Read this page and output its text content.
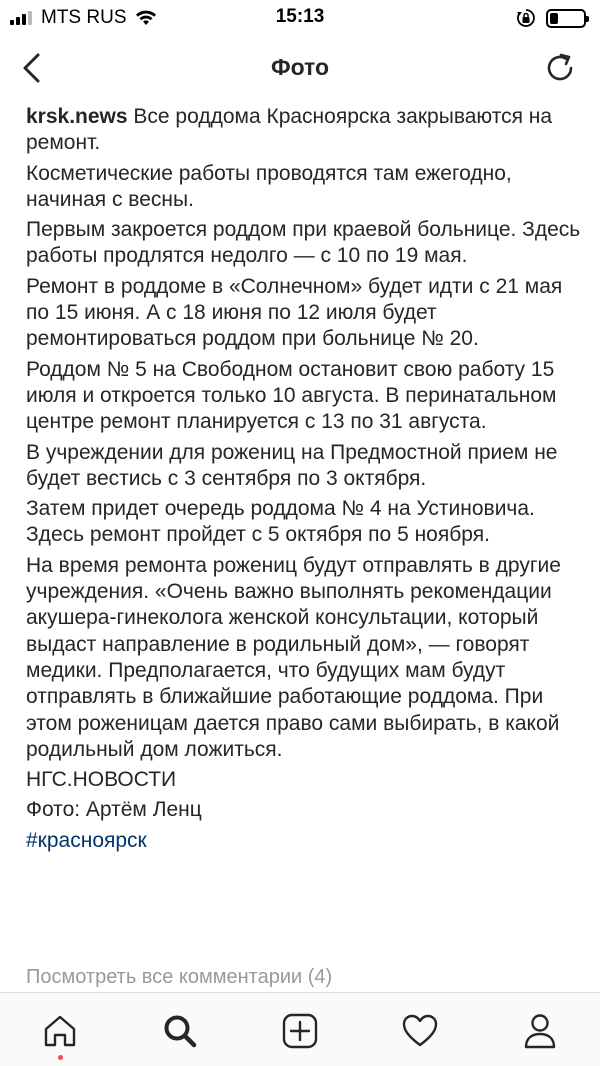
MTS RUS	15:13
Фото

krsk.news Все роддома Красноярска закрываются на ремонт.

Косметические работы проводятся там ежегодно, начиная с весны.

Первым закроется роддом при краевой больнице. Здесь работы продлятся недолго — с 10 по 19 мая.

Ремонт в роддоме в «Солнечном» будет идти с 21 мая по 15 июня. А с 18 июня по 12 июля будет ремонтироваться роддом при больнице № 20.

Роддом № 5 на Свободном остановит свою работу 15 июля и откроется только 10 августа. В перинатальном центре ремонт планируется с 13 по 31 августа.

В учреждении для рожениц на Предмостной прием не будет вестись с 3 сентября по 3 октября.

Затем придет очередь роддома № 4 на Устиновича. Здесь ремонт пройдет с 5 октября по 5 ноября.

На время ремонта рожениц будут отправлять в другие учреждения. «Очень важно выполнять рекомендации акушера-гинеколога женской консультации, который выдаст направление в родильный дом», — говорят медики. Предполагается, что будущих мам будут отправлять в ближайшие работающие роддома. При этом роженицам дается право сами выбирать, в какой родильный дом ложиться.

НГС.НОВОСТИ

Фото: Артём Ленц

#красноярск

Посмотреть все комментарии (4)
